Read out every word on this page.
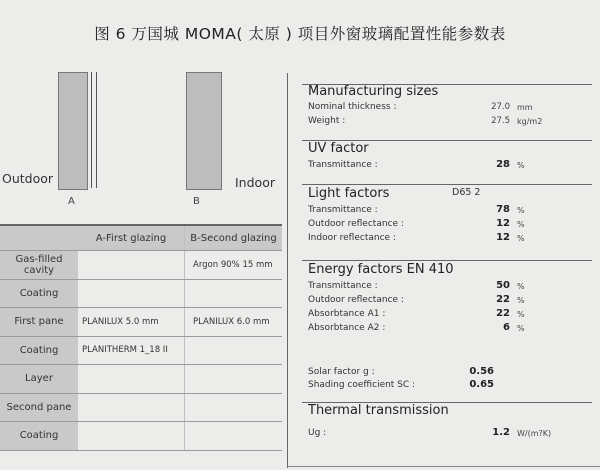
图 6 万国城 MOMA( 太原 ) 项目外窗玻璃配置性能参数表
Outdoor	Indoor
A	B
	A-First glazing	B-Second glazing
Gas-filled cavity		Argon 90% 15 mm
Coating		
First pane	PLANILUX 5.0 mm	PLANILUX 6.0 mm
Coating	PLANITHERM 1_18 II	
Layer		
Second pane		
Coating		
Manufacturing sizes
Nominal thickness :	27.0 mm
Weight :	27.5 kg/m2
UV factor
Transmittance :	28 %
Light factors	D65 2
Transmittance :	78 %
Outdoor reflectance :	12 %
Indoor reflectance :	12 %
Energy factors EN 410
Transmittance :	50 %
Outdoor reflectance :	22 %
Absorbtance A1 :	22 %
Absorbtance A2 :	6 %
Solar factor g :	0.56
Shading coefficient SC :	0.65
Thermal transmission
Ug :	1.2 W/(m?K)
